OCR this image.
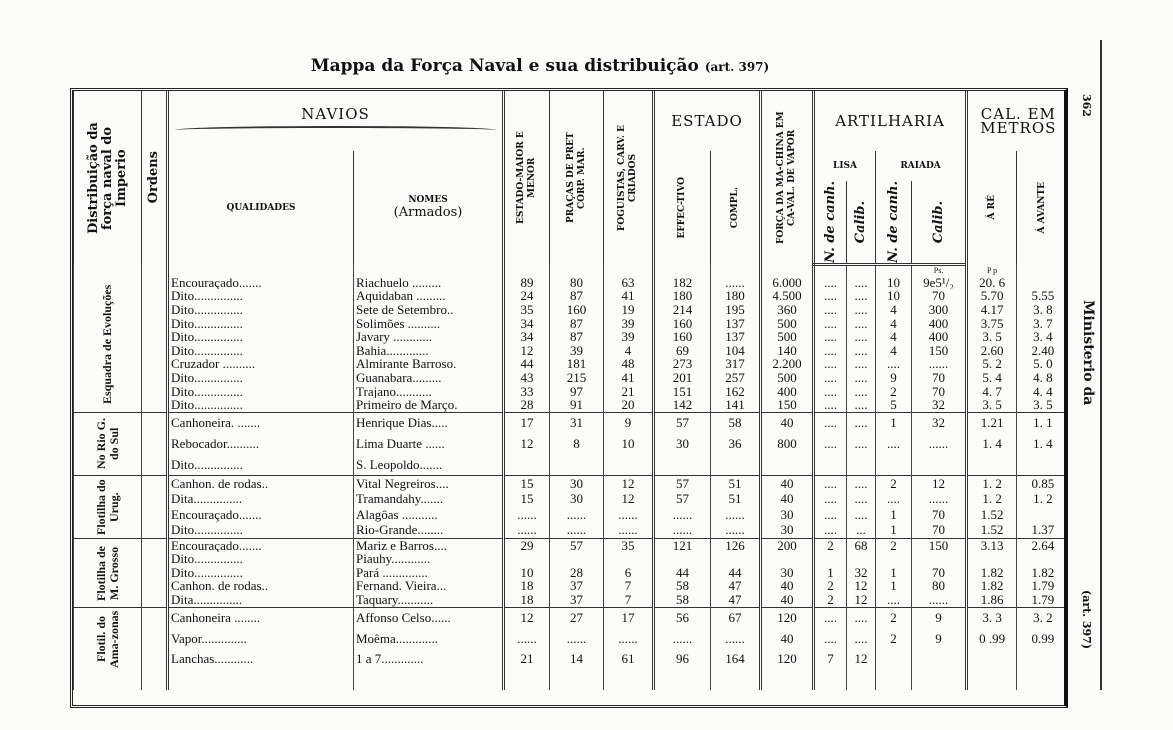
Mappa da Força Naval e sua distribuição (art. 397)
362
Ministerio da
(art. 397)
Distribuição da força naval do Imperio	Ordens	NAVIOS		ESTADO-MAIOR E MENOR	PRAÇAS DE PRET CORP. MAR.	FOGUISTAS, CARV. E CRIADOS	ESTADO		FORÇA DA MA-CHINA EM CA-VAL. DE VAPOR	ARTILHARIA				CAL. EM METROS	

		QUALIDADES	NOMES
(Armados)				EFFEC-TIVO	COMPL.		LISA		RAIADA		Á RÉ	Á AVANTE

										N. de canh.	Calib.	N. de canh.	Calib.		

													Ps.	P p	

Esquadra de Evoluções		Encouraçado.......	Riachuelo .........	89	80	63	182	......	6.000	....	....	10	9e5¹/₂	20. 6	
		Dito...............	Aquidaban .........	24	87	41	180	180	4.500	....	....	10	70	5.70	5.55
		Dito...............	Sete de Setembro..	35	160	19	214	195	360	....	....	4	300	4.17	3. 8
		Dito...............	Solimões ..........	34	87	39	160	137	500	....	....	4	400	3.75	3. 7
		Dito...............	Javary ............	34	87	39	160	137	500	....	....	4	400	3. 5	3. 4
		Dito...............	Bahia.............	12	39	4	69	104	140	....	....	4	150	2.60	2.40
		Cruzador ..........	Almirante Barroso.	44	181	48	273	317	2.200	....	....	....	......	5. 2	5. 0
		Dito...............	Guanabara.........	43	215	41	201	257	500	....	....	9	70	5. 4	4. 8
		Dito...............	Trajano...........	33	97	21	151	162	400	....	....	2	70	4. 7	4. 4
		Dito...............	Primeiro de Março.	28	91	20	142	141	150	....	....	5	32	3. 5	3. 5

No Rio G. do Sul		Canhoneira. .......	Henrique Dias.....	17	31	9	57	58	40	....	....	1	32	1.21	1. 1
		Rebocador..........	Lima Duarte ......	12	8	10	30	36	800	....	....	....	......	1. 4	1. 4
		Dito...............	S. Leopoldo.......												

Flotilha do Urug.		Canhon. de rodas..	Vital Negreiros....	15	30	12	57	51	40	....	....	2	12	1. 2	0.85
		Dita...............	Tramandahy.......	15	30	12	57	51	40	....	....	....	......	1. 2	1. 2
		Encouraçado.......	Alagôas ...........	......	......	......	......	......	30	....	....	1	70	1.52	
		Dito...............	Rio-Grande........	......	......	......	......	......	30	....	...	1	70	1.52	1.37

Flotilha de M. Grosso		Encouraçado.......	Mariz e Barros....	29	57	35	121	126	200	2	68	2	150	3.13	2.64
		Dito...............	Piauhy............												
		Dito...............	Pará ..............	10	28	6	44	44	30	1	32	1	70	1.82	1.82
		Canhon. de rodas..	Fernand. Vieira...	18	37	7	58	47	40	2	12	1	80	1.82	1.79
		Dita...............	Taquary...........	18	37	7	58	47	40	2	12	....	......	1.86	1.79

Flotil. do Ama-zonas		Canhoneira ........	Affonso Celso......	12	27	17	56	67	120	....	....	2	9	3. 3	3. 2
		Vapor..............	Moêma.............	......	......	......	......	......	40	....	....	2	9	0 .99	0.99
		Lanchas............	1 a 7.............	21	14	61	96	164	120	7	12				
